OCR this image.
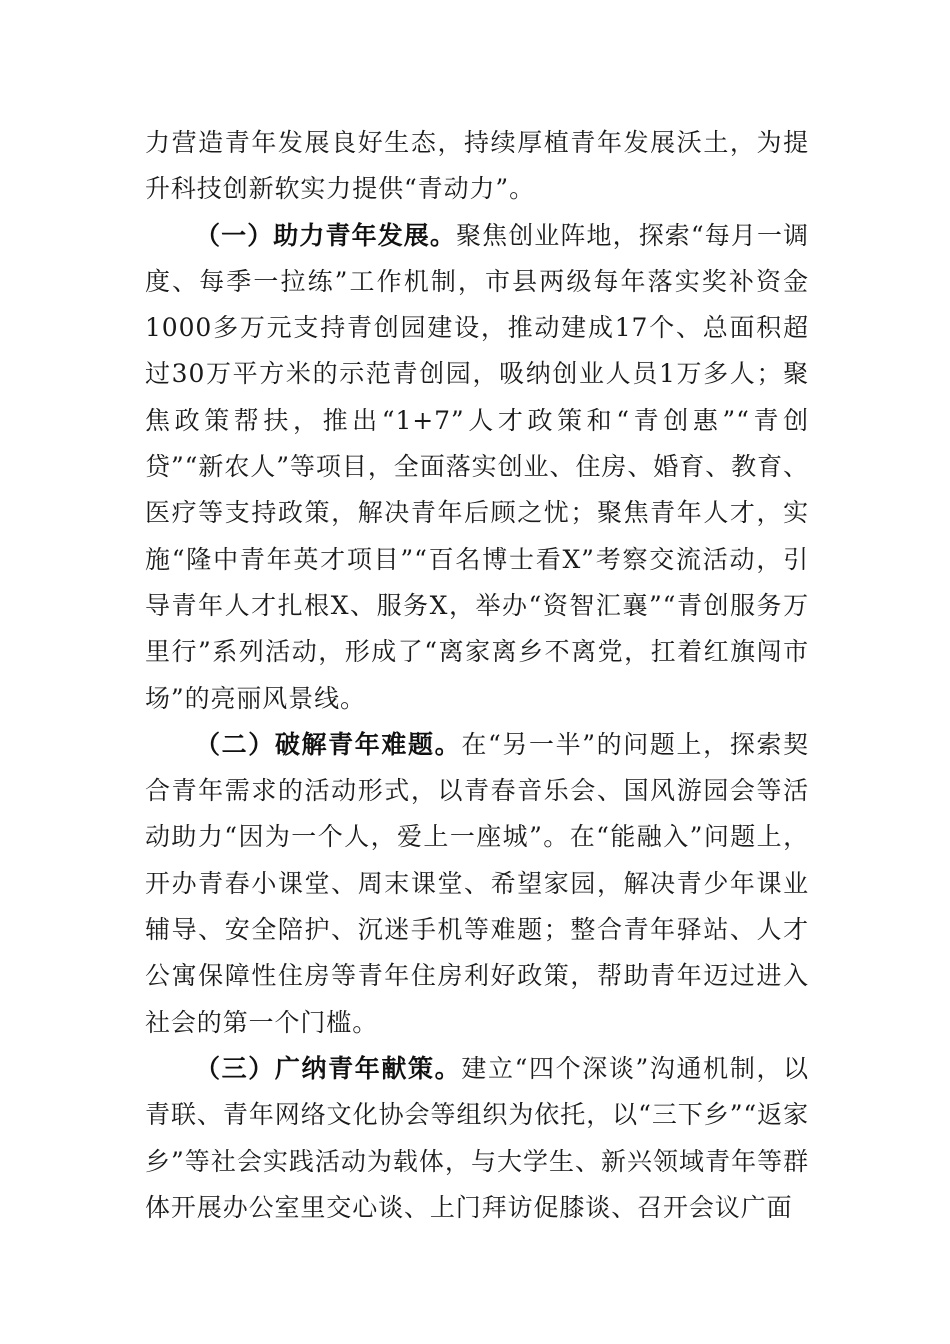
力营造青年发展良好生态，持续厚植青年发展沃土，为提升科技创新软实力提供“青动力”。

（一）助力青年发展。聚焦创业阵地，探索“每月一调度、每季一拉练”工作机制，市县两级每年落实奖补资金1000多万元支持青创园建设，推动建成17个、总面积超过30万平方米的示范青创园，吸纳创业人员1万多人；聚焦政策帮扶，推出“1+7”人才政策和“青创惠”“青创贷”“新农人”等项目，全面落实创业、住房、婚育、教育、医疗等支持政策，解决青年后顾之忧；聚焦青年人才，实施“隆中青年英才项目”“百名博士看X”考察交流活动，引导青年人才扎根X、服务X，举办“资智汇襄”“青创服务万里行”系列活动，形成了“离家离乡不离党，扛着红旗闯市场”的亮丽风景线。

（二）破解青年难题。在“另一半”的问题上，探索契合青年需求的活动形式，以青春音乐会、国风游园会等活动助力“因为一个人，爱上一座城”。在“能融入”问题上，开办青春小课堂、周末课堂、希望家园，解决青少年课业辅导、安全陪护、沉迷手机等难题；整合青年驿站、人才公寓保障性住房等青年住房利好政策，帮助青年迈过进入社会的第一个门槛。

（三）广纳青年献策。建立“四个深谈”沟通机制，以青联、青年网络文化协会等组织为依托，以“三下乡”“返家乡”等社会实践活动为载体，与大学生、新兴领域青年等群体开展办公室里交心谈、上门拜访促膝谈、召开会议广面
